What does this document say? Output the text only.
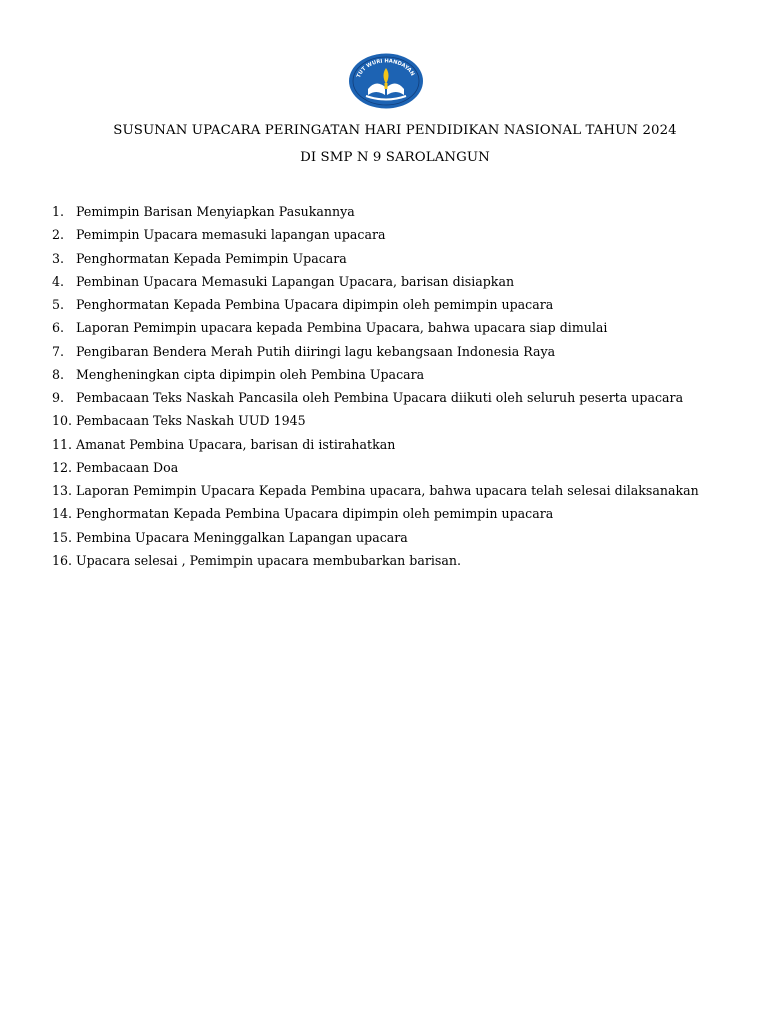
TUT WURI HANDAYAN
SUSUNAN UPACARA PERINGATAN HARI PENDIDIKAN NASIONAL TAHUN 2024
DI SMP N 9 SAROLANGUN
1. Pemimpin Barisan Menyiapkan Pasukannya
2. Pemimpin Upacara memasuki lapangan upacara
3. Penghormatan Kepada Pemimpin Upacara
4. Pembinan Upacara Memasuki Lapangan Upacara, barisan disiapkan
5. Penghormatan Kepada Pembina Upacara dipimpin oleh pemimpin upacara
6. Laporan Pemimpin upacara kepada Pembina Upacara, bahwa upacara siap dimulai
7. Pengibaran Bendera Merah Putih diiringi lagu kebangsaan Indonesia Raya
8. Mengheningkan cipta dipimpin oleh Pembina Upacara
9. Pembacaan Teks Naskah Pancasila oleh Pembina Upacara diikuti oleh seluruh peserta upacara
10. Pembacaan Teks Naskah UUD 1945
11. Amanat Pembina Upacara, barisan di istirahatkan
12. Pembacaan Doa
13. Laporan Pemimpin Upacara Kepada Pembina upacara, bahwa upacara telah selesai dilaksanakan
14. Penghormatan Kepada Pembina Upacara dipimpin oleh pemimpin upacara
15. Pembina Upacara Meninggalkan Lapangan upacara
16. Upacara selesai , Pemimpin upacara membubarkan barisan.
